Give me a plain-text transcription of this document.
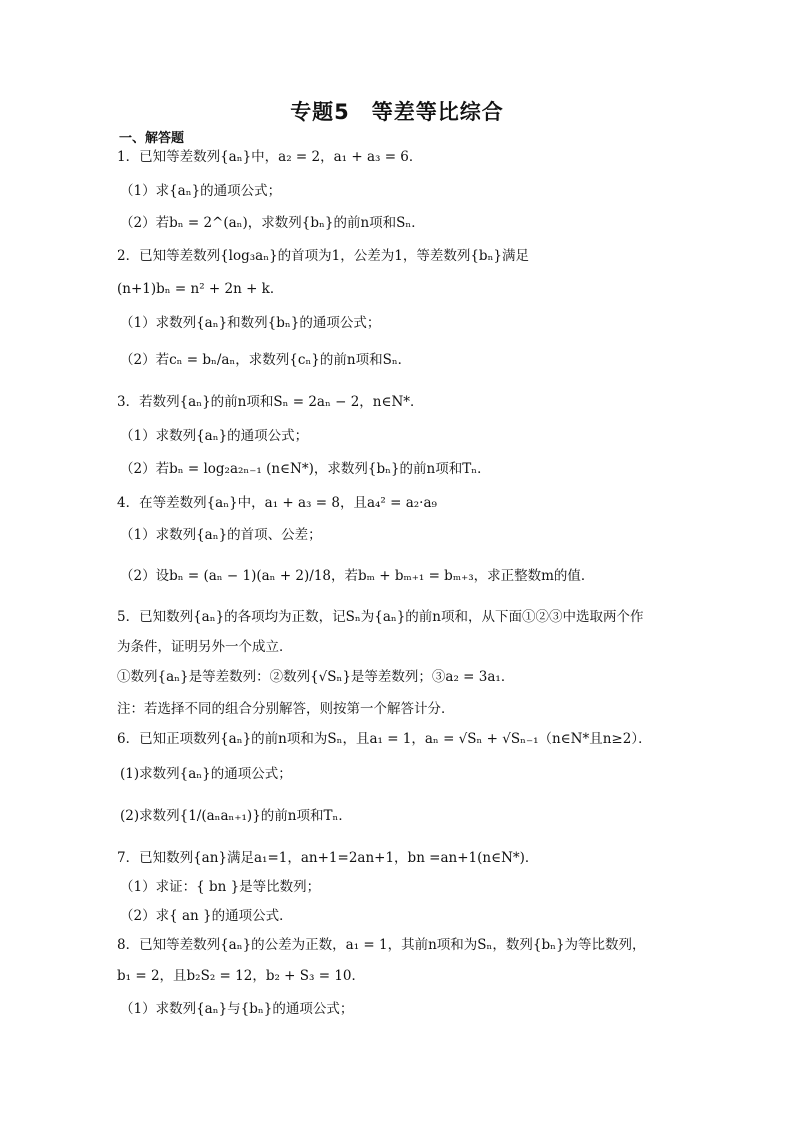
专题5　等差等比综合
一、解答题
1．已知等差数列{aₙ}中，a₂ = 2，a₁ + a₃ = 6．
（1）求{aₙ}的通项公式；
（2）若bₙ = 2^(aₙ)，求数列{bₙ}的前n项和Sₙ．
2．已知等差数列{log₃aₙ}的首项为1，公差为1，等差数列{bₙ}满足
(n+1)bₙ = n² + 2n + k．
（1）求数列{aₙ}和数列{bₙ}的通项公式；
（2）若cₙ = bₙ/aₙ，求数列{cₙ}的前n项和Sₙ．
3．若数列{aₙ}的前n项和Sₙ = 2aₙ − 2，n∈N*．
（1）求数列{aₙ}的通项公式；
（2）若bₙ = log₂a₂ₙ₋₁ (n∈N*)，求数列{bₙ}的前n项和Tₙ．
4．在等差数列{aₙ}中，a₁ + a₃ = 8，且a₄² = a₂·a₉
（1）求数列{aₙ}的首项、公差；
（2）设bₙ = (aₙ − 1)(aₙ + 2)/18，若bₘ + bₘ₊₁ = bₘ₊₃，求正整数m的值．
5．已知数列{aₙ}的各项均为正数，记Sₙ为{aₙ}的前n项和，从下面①②③中选取两个作
为条件，证明另外一个成立．
①数列{aₙ}是等差数列：②数列{√Sₙ}是等差数列；③a₂ = 3a₁．
注：若选择不同的组合分别解答，则按第一个解答计分．
6．已知正项数列{aₙ}的前n项和为Sₙ，且a₁ = 1，aₙ = √Sₙ + √Sₙ₋₁（n∈N*且n≥2）．
(1)求数列{aₙ}的通项公式；
(2)求数列{1/(aₙaₙ₊₁)}的前n项和Tₙ．
7．已知数列{an}满足a₁=1，an+1=2an+1，bn =an+1(n∈N*)．
（1）求证：{ bn }是等比数列；
（2）求{ an }的通项公式．
8．已知等差数列{aₙ}的公差为正数，a₁ = 1，其前n项和为Sₙ，数列{bₙ}为等比数列，
b₁ = 2，且b₂S₂ = 12，b₂ + S₃ = 10．
（1）求数列{aₙ}与{bₙ}的通项公式；
